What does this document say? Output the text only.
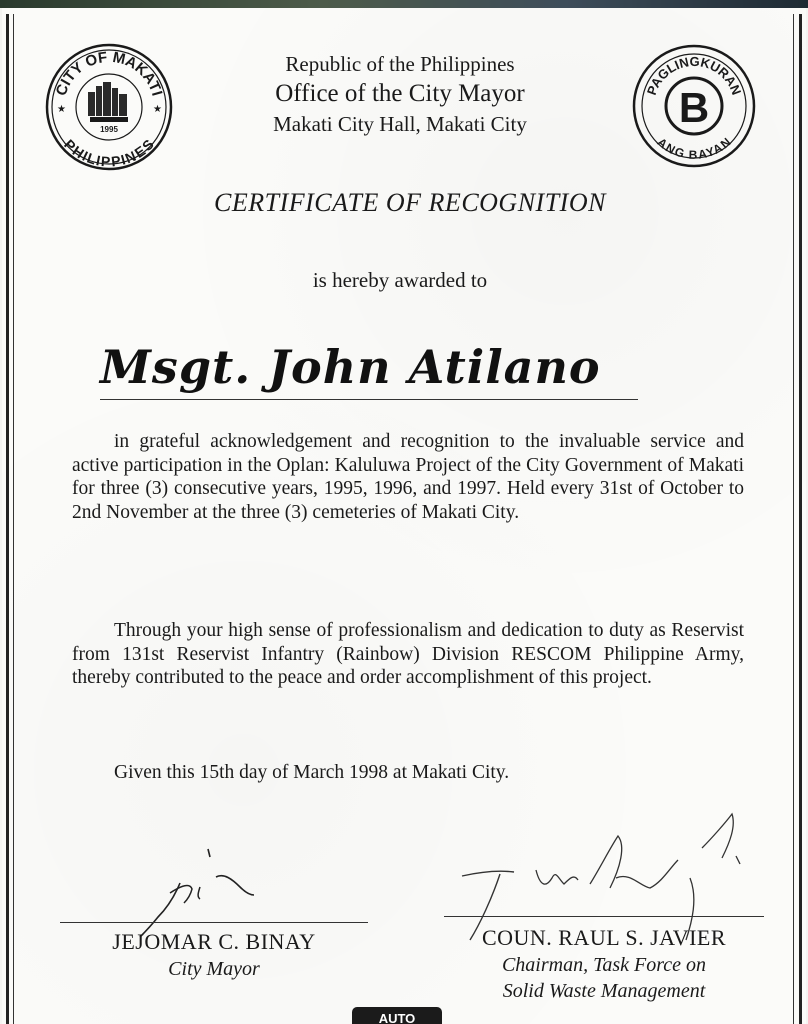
CITY OF MAKATI
PHILIPPINES
★	★
1995
PAGLINGKURAN
ANG BAYAN
B
Republic of the Philippines
Office of the City Mayor
Makati City Hall, Makati City
CERTIFICATE OF RECOGNITION
is hereby awarded to
Msgt. John Atilano
in grateful acknowledgement and recognition to the invaluable service and active participation in the Oplan: Kaluluwa Project of the City Government of Makati for three (3) consecutive years, 1995, 1996, and 1997. Held every 31st of October to 2nd November at the three (3) cemeteries of Makati City.
Through your high sense of professionalism and dedication to duty as Reservist from 131st Reservist Infantry (Rainbow) Division RESCOM Philippine Army, thereby contributed to the peace and order accomplishment of this project.
Given this 15th day of March 1998 at Makati City.
JEJOMAR C. BINAY
City Mayor
COUN. RAUL S. JAVIER
Chairman, Task Force on
Solid Waste Management
AUTO
